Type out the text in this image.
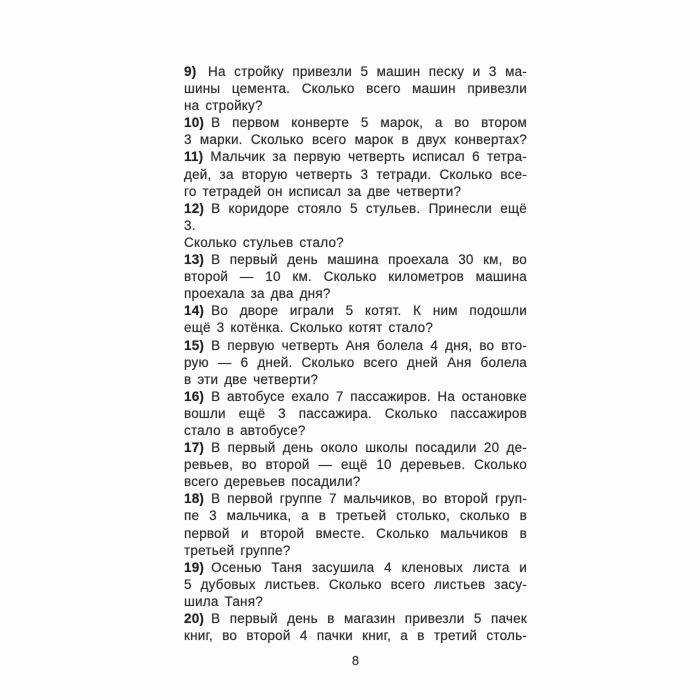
9) На стройку привезли 5 машин песку и 3 ма-
шины цемента. Сколько всего машин привезли
на стройку?
10) В первом конверте 5 марок, а во втором
3 марки. Сколько всего марок в двух конвертах?
11) Мальчик за первую четверть исписал 6 тетра-
дей, за вторую четверть 3 тетради. Сколько все-
го тетрадей он исписал за две четверти?
12) В коридоре стояло 5 стульев. Принесли ещё 3.
Сколько стульев стало?
13) В первый день машина проехала 30 км, во
второй — 10 км. Сколько километров машина
проехала за два дня?
14) Во дворе играли 5 котят. К ним подошли
ещё 3 котёнка. Сколько котят стало?
15) В первую четверть Аня болела 4 дня, во вто-
рую — 6 дней. Сколько всего дней Аня болела
в эти две четверти?
16) В автобусе ехало 7 пассажиров. На остановке
вошли ещё 3 пассажира. Сколько пассажиров
стало в автобусе?
17) В первый день около школы посадили 20 де-
ревьев, во второй — ещё 10 деревьев. Сколько
всего деревьев посадили?
18) В первой группе 7 мальчиков, во второй груп-
пе 3 мальчика, а в третьей столько, сколько в
первой и второй вместе. Сколько мальчиков в
третьей группе?
19) Осенью Таня засушила 4 кленовых листа и
5 дубовых листьев. Сколько всего листьев засу-
шила Таня?
20) В первый день в магазин привезли 5 пачек
книг, во второй 4 пачки книг, а в третий столь-
8
